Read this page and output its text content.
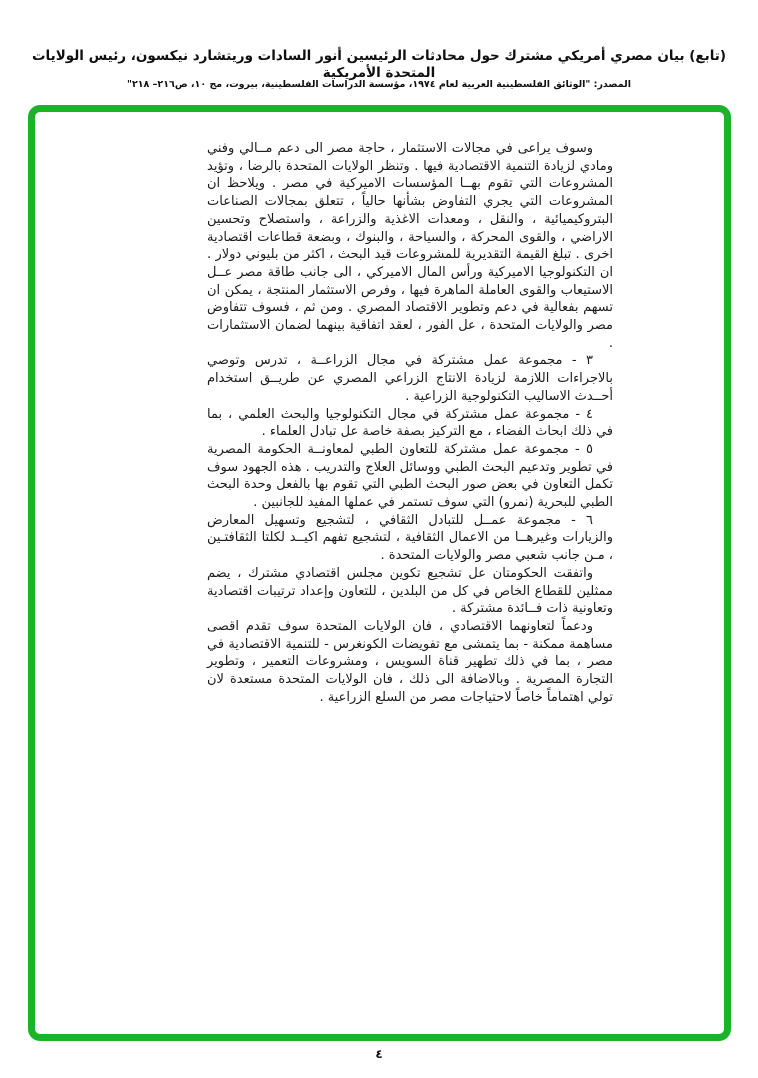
(تابع) بيان مصري أمريكي مشترك حول محادثات الرئيسين أنور السادات وريتشارد نيكسون، رئيس الولايات المتحدة الأمريكية
المصدر: "الوثائق الفلسطينية العربية لعام ١٩٧٤، مؤسسة الدراسات الفلسطينية، بيروت، مج ١٠، ص٢١٦– ٢١٨"

وسوف يراعى في مجالات الاستثمار ، حاجة مصر الى دعم مــالي وفني ومادي لزيادة التنمية الاقتصادية فيها . وتنظر الولايات المتحدة بالرضا ، وتؤيد المشروعات التي تقوم بهــا المؤسسات الاميركية في مصر . ويلاحظ ان المشروعات التي يجري التفاوض بشأنها حالياً ، تتعلق بمجالات الصناعات البتروكيميائية ، والنقل ، ومعدات الاغذية والزراعة ، واستصلاح وتحسين الاراضي ، والقوى المحركة ، والسياحة ، والبنوك ، وبضعة قطاعات اقتصادية اخرى . تبلغ القيمة التقديرية للمشروعات قيد البحث ، اكثر من بليوني دولار . ان التكنولوجيا الاميركية ورأس المال الاميركي ، الى جانب طاقة مصر عــل الاستيعاب والقوى العاملة الماهرة فيها ، وفرص الاستثمار المنتجة ، يمكن ان تسهم بفعالية في دعم وتطوير الاقتصاد المصري . ومن ثم ، فسوف تتفاوض مصر والولايات المتحدة ، عل الفور ، لعقد اتفاقية بينهما لضمان الاستثمارات .

٣ - مجموعة عمل مشتركة في مجال الزراعــة ، تدرس وتوصي بالاجراءات اللازمة لزيادة الانتاج الزراعي المصري عن طريــق استخدام أحــدث الاساليب التكنولوجية الزراعية .

٤ - مجموعة عمل مشتركة في مجال التكنولوجيا والبحث العلمي ، بما في ذلك ابحاث الفضاء ، مع التركيز بصفة خاصة عل تبادل العلماء .

٥ - مجموعة عمل مشتركة للتعاون الطبي لمعاونــة الحكومة المصرية في تطوير وتدعيم البحث الطبي ووسائل العلاج والتدريب . هذه الجهود سوف تكمل التعاون في بعض صور البحث الطبي التي تقوم بها بالفعل وحدة البحث الطبي للبحرية (نمرو) التي سوف تستمر في عملها المفيد للجانبين .

٦ - مجموعة عمــل للتبادل الثقافي ، لتشجيع وتسهيل المعارض والزيارات وغيرهــا من الاعمال الثقافية ، لتشجيع تفهم اكيــد لكلتا الثقافتـين ، مـن جانب شعبي مصر والولايات المتحدة .

واتفقت الحكومتان عل تشجيع تكوين مجلس اقتصادي مشترك ، يضم ممثلين للقطاع الخاص في كل من البلدين ، للتعاون وإعداد ترتيبات اقتصادية وتعاونية ذات فــائدة مشتركة .

ودعماً لتعاونهما الاقتصادي ، فان الولايات المتحدة سوف تقدم اقصى مساهمة ممكنة - بما يتمشى مع تفويضات الكونغرس - للتنمية الاقتصادية في مصر ، بما في ذلك تطهير قناة السويس ، ومشروعات التعمير ، وتطوير التجارة المصرية . وبالاضافة الى ذلك ، فان الولايات المتحدة مستعدة لان تولي اهتماماً خاصاً لاحتياجات مصر من السلع الزراعية .

٤
